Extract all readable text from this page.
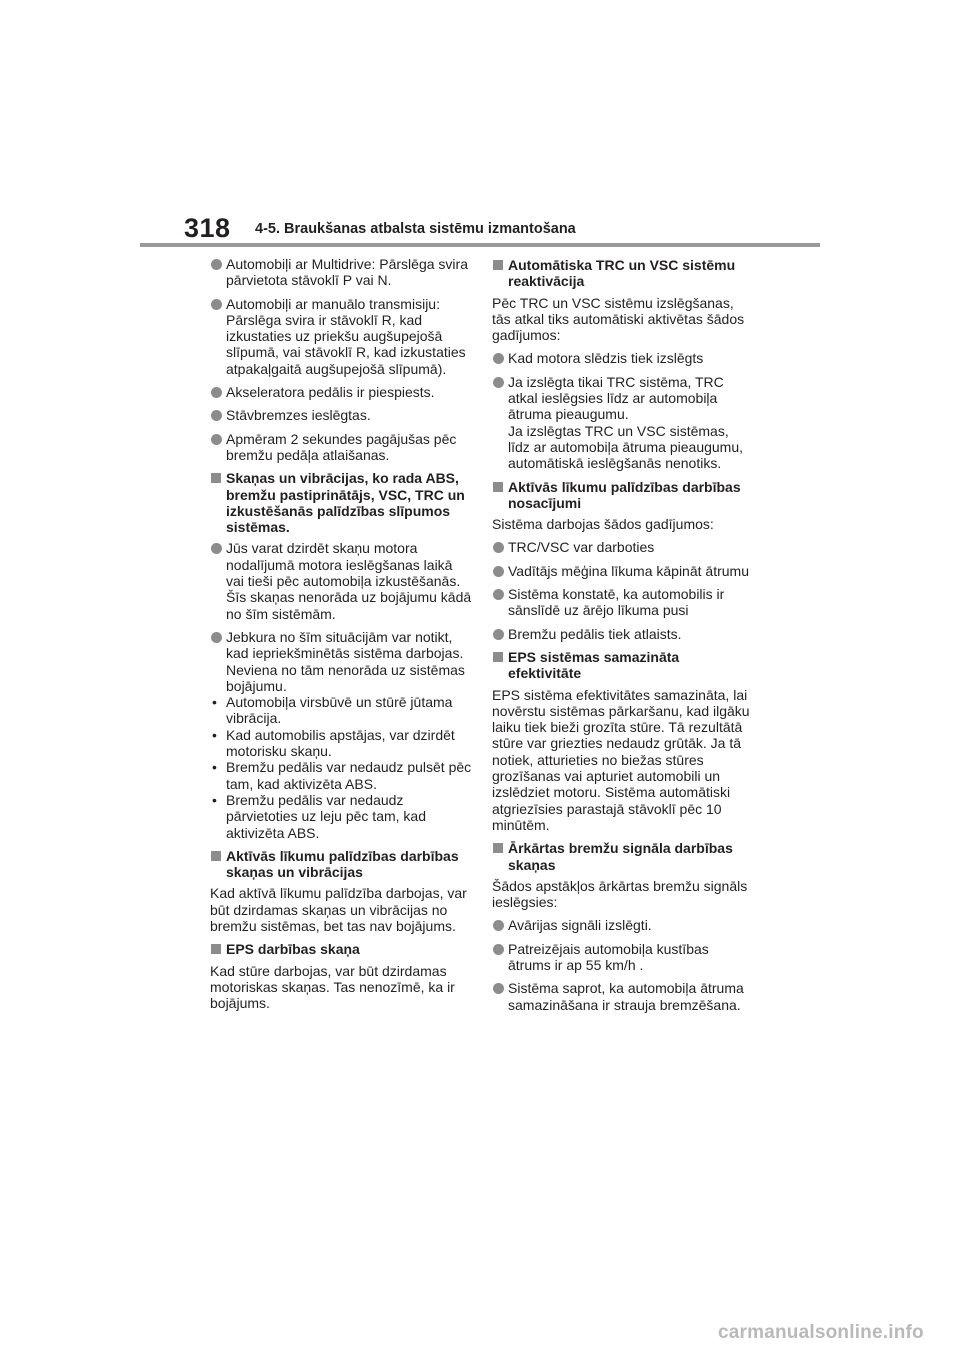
318 4-5. Braukšanas atbalsta sistēmu izmantošana
Automobiļi ar Multidrive: Pārslēga svira pārvietota stāvoklī P vai N.
Automobiļi ar manuālo transmisiju: Pārslēga svira ir stāvoklī R, kad izkustaties uz priekšu augšupejošā slīpumā, vai stāvoklī R, kad izkustaties atpakaļgaitā augšupejošā slīpumā).
Akseleratora pedālis ir piespiests.
Stāvbremzes ieslēgtas.
Apmēram 2 sekundes pagājušas pēc bremžu pedāļa atlaišanas.
Skaņas un vibrācijas, ko rada ABS, bremžu pastiprinātājs, VSC, TRC un izkustēšanās palīdzības slīpumos sistēmas.
Jūs varat dzirdēt skaņu motora nodalījumā motora ieslēgšanas laikā vai tieši pēc automobiļa izkustēšanās. Šīs skaņas nenorāda uz bojājumu kādā no šīm sistēmām.
Jebkura no šīm situācijām var notikt, kad iepriekšminētās sistēma darbojas. Neviena no tām nenorāda uz sistēmas bojājumu.
• Automobiļa virsbūvē un stūrē jūtama vibrācija.
• Kad automobilis apstājas, var dzirdēt motorisku skaņu.
• Bremžu pedālis var nedaudz pulsēt pēc tam, kad aktivizēta ABS.
• Bremžu pedālis var nedaudz pārvietoties uz leju pēc tam, kad aktivizēta ABS.
Aktīvās līkumu palīdzības darbības skaņas un vibrācijas
Kad aktīvā līkumu palīdzība darbojas, var būt dzirdamas skaņas un vibrācijas no bremžu sistēmas, bet tas nav bojājums.
EPS darbības skaņa
Kad stūre darbojas, var būt dzirdamas motoriskas skaņas. Tas nenozīmē, ka ir bojājums.
Automātiska TRC un VSC sistēmu reaktivācija
Pēc TRC un VSC sistēmu izslēgšanas, tās atkal tiks automātiski aktivētas šādos gadījumos:
Kad motora slēdzis tiek izslēgts
Ja izslēgta tikai TRC sistēma, TRC atkal ieslēgsies līdz ar automobiļa ātruma pieaugumu.
Ja izslēgtas TRC un VSC sistēmas, līdz ar automobiļa ātruma pieaugumu, automātiskā ieslēgšanās nenotiks.
Aktīvās līkumu palīdzības darbības nosacījumi
Sistēma darbojas šādos gadījumos:
TRC/VSC var darboties
Vadītājs mēģina līkuma kāpināt ātrumu
Sistēma konstatē, ka automobilis ir sānslīdē uz ārējo līkuma pusi
Bremžu pedālis tiek atlaists.
EPS sistēmas samazināta efektivitāte
EPS sistēma efektivitātes samazināta, lai novērstu sistēmas pārkaršanu, kad ilgāku laiku tiek bieži grozīta stūre. Tā rezultātā stūre var griezties nedaudz grūtāk. Ja tā notiek, atturieties no biežas stūres grozīšanas vai apturiet automobili un izslēdziet motoru. Sistēma automātiski atgriezīsies parastajā stāvoklī pēc 10 minūtēm.
Ārkārtas bremžu signāla darbības skaņas
Šādos apstākļos ārkārtas bremžu signāls ieslēgsies:
Avārijas signāli izslēgti.
Patreizējais automobiļa kustības ātrums ir ap 55 km/h .
Sistēma saprot, ka automobiļa ātruma samazināšana ir strauja bremzēšana.
carmanualsonline.info
